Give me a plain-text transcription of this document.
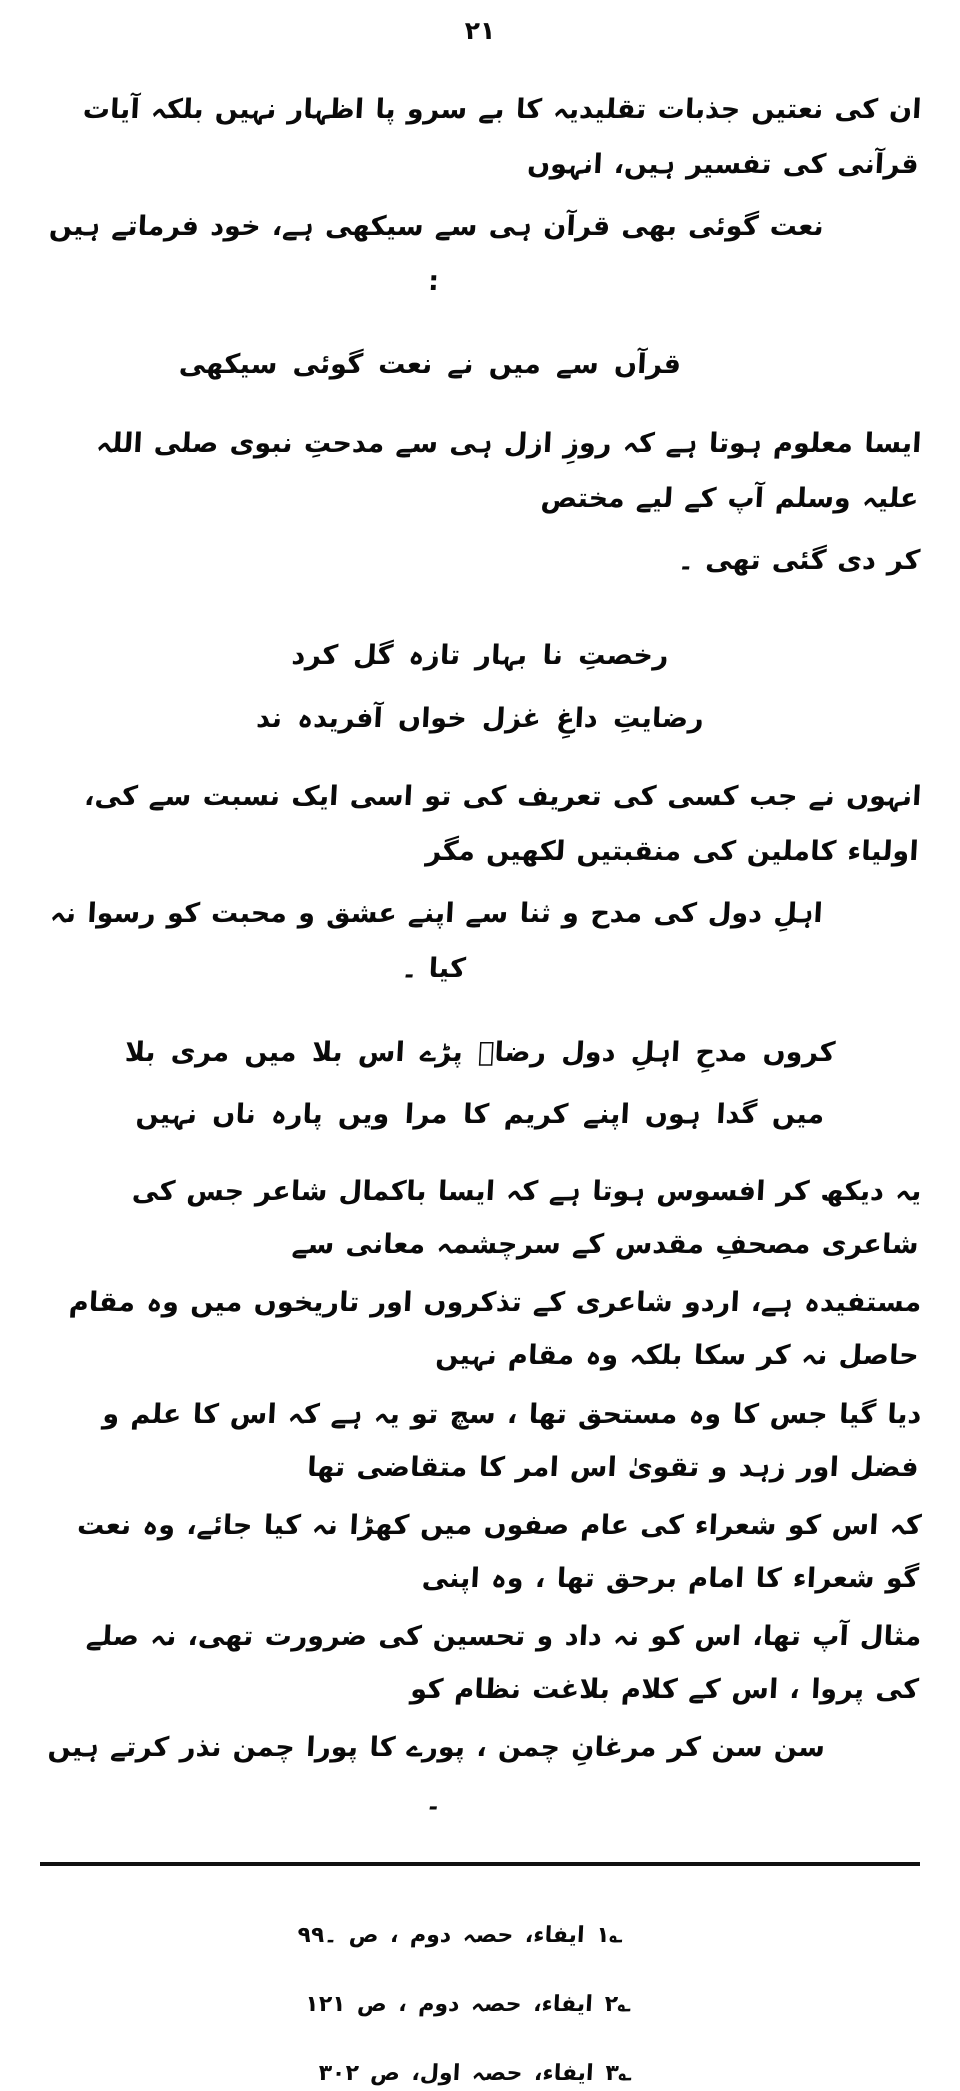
۲۱

ان کی نعتیں جذبات تقلیدیہ کا بے سرو پا اظہار نہیں بلکہ آیات قرآنی کی تفسیر ہیں، انہوں

نعت گوئی بھی قرآن ہی سے سیکھی ہے، خود فرماتے ہیں :

قرآں سے میں نے نعت گوئی سیکھی

ایسا معلوم ہوتا ہے کہ روزِ ازل ہی سے مدحتِ نبوی صلی اللہ علیہ وسلم آپ کے لیے مختص

کر دی گئی تھی ۔

رخصتِ نا بہار تازہ گل کرد

رضایتِ داغِ غزل خواں آفریدہ ند

انہوں نے جب کسی کی تعریف کی تو اسی ایک نسبت سے کی، اولیاء کاملین کی منقبتیں لکھیں مگر

اہلِ دول کی مدح و ثنا سے اپنے عشق و محبت کو رسوا نہ کیا ۔

کروں مدحِ اہلِ دول رضاؔ پڑے اس بلا میں مری بلا

میں گدا ہوں اپنے کریم کا مرا ویں پارہ ناں نہیں

یہ دیکھ کر افسوس ہوتا ہے کہ ایسا باکمال شاعر جس کی شاعری مصحفِ مقدس کے سرچشمہ معانی سے

مستفیدہ ہے، اردو شاعری کے تذکروں اور تاریخوں میں وہ مقام حاصل نہ کر سکا بلکہ وہ مقام نہیں

دیا گیا جس کا وہ مستحق تھا ، سچ تو یہ ہے کہ اس کا علم و فضل اور زہد و تقویٰ اس امر کا متقاضی تھا

کہ اس کو شعراء کی عام صفوں میں کھڑا نہ کیا جائے، وہ نعت گو شعراء کا امام برحق تھا ، وہ اپنی

مثال آپ تھا، اس کو نہ داد و تحسین کی ضرورت تھی، نہ صلے کی پروا ، اس کے کلام بلاغت نظام کو

سن سن کر مرغانِ چمن ، پورے کا پورا چمن نذر کرتے ہیں ۔

؎۱ ایفاء، حصہ دوم ، ص ۔۹۹
؎۲ ایفاء، حصہ دوم ، ص ۱۲۱
؎۳ ایفاء، حصہ اول، ص ۳۰۲
